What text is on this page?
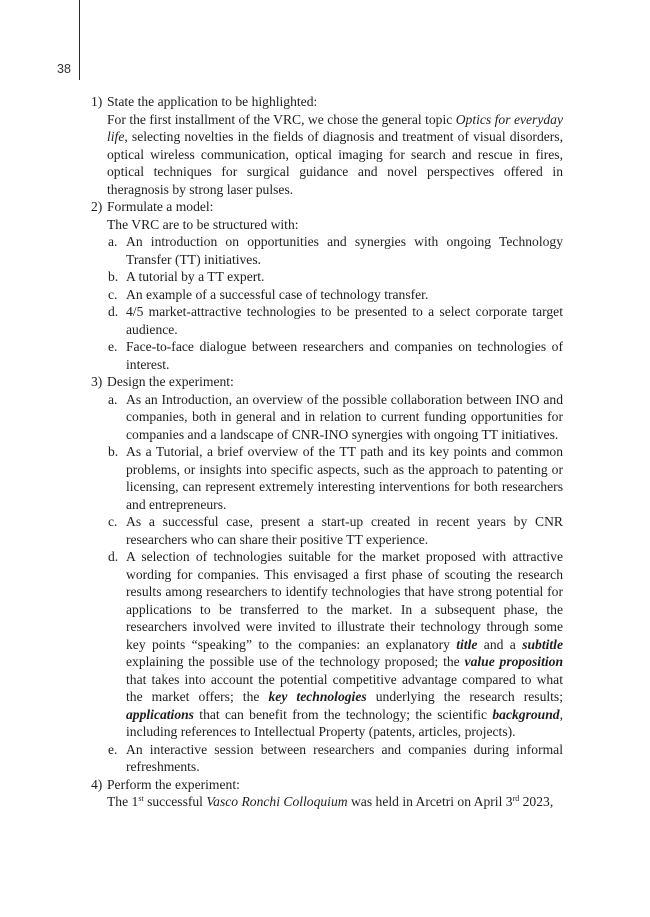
38
1) State the application to be highlighted:
For the first installment of the VRC, we chose the general topic Optics for everyday life, selecting novelties in the fields of diagnosis and treatment of visual disorders, optical wireless communication, optical imaging for search and rescue in fires, optical techniques for surgical guidance and novel perspectives offered in theragnosis by strong laser pulses.
2) Formulate a model:
The VRC are to be structured with:
a. An introduction on opportunities and synergies with ongoing Technology Transfer (TT) initiatives.
b. A tutorial by a TT expert.
c. An example of a successful case of technology transfer.
d. 4/5 market-attractive technologies to be presented to a select corporate target audience.
e. Face-to-face dialogue between researchers and companies on technologies of interest.
3) Design the experiment:
a. As an Introduction, an overview of the possible collaboration between INO and companies, both in general and in relation to current funding opportunities for companies and a landscape of CNR-INO synergies with ongoing TT initiatives.
b. As a Tutorial, a brief overview of the TT path and its key points and common problems, or insights into specific aspects, such as the approach to patenting or licensing, can represent extremely interesting interventions for both researchers and entrepreneurs.
c. As a successful case, present a start-up created in recent years by CNR researchers who can share their positive TT experience.
d. A selection of technologies suitable for the market proposed with attractive wording for companies. This envisaged a first phase of scouting the research results among researchers to identify technologies that have strong potential for applications to be transferred to the market. In a subsequent phase, the researchers involved were invited to illustrate their technology through some key points “speaking” to the companies: an explanatory title and a subtitle explaining the possible use of the technology proposed; the value proposition that takes into account the potential competitive advantage compared to what the market offers; the key technologies underlying the research results; applications that can benefit from the technology; the scientific background, including references to Intellectual Property (patents, articles, projects).
e. An interactive session between researchers and companies during informal refreshments.
4) Perform the experiment:
The 1st successful Vasco Ronchi Colloquium was held in Arcetri on April 3rd 2023,
